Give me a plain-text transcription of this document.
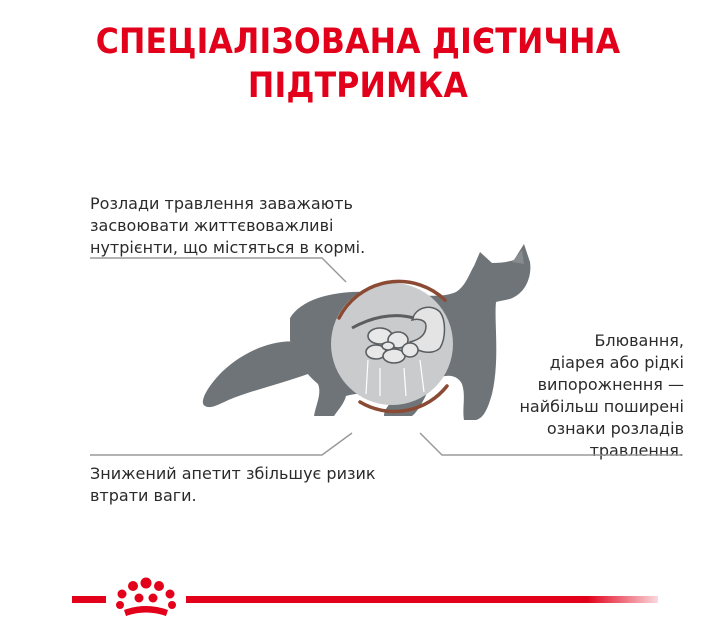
СПЕЦІАЛІЗОВАНА ДІЄТИЧНА
ПІДТРИМКА
Розлади травлення заважають
засвоювати життєвоважливі
нутрієнти, що містяться в кормі.
Знижений апетит збільшує ризик
втрати ваги.
Блювання,
діарея або рідкі
випорожнення —
найбільш поширені
ознаки розладів
травлення.
